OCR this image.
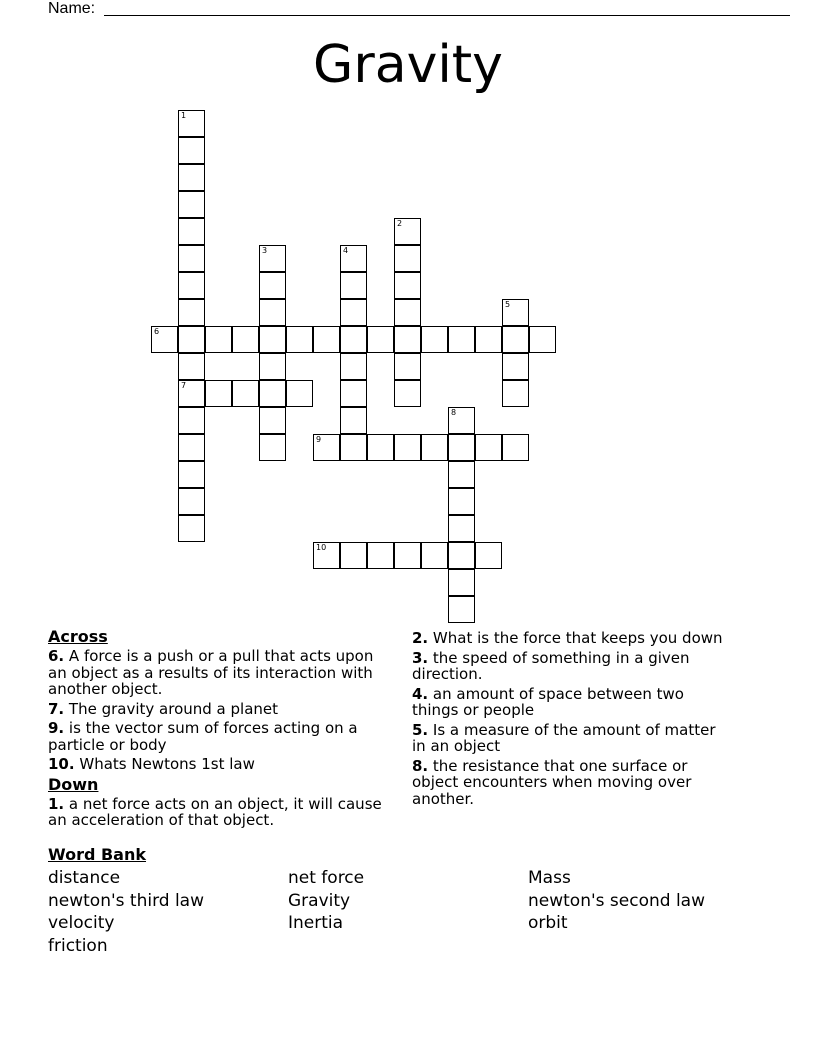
Name:
Gravity
1
7
2
3	4
5
6
8
9
10
Across
6. A force is a push or a pull that acts upon an object as a results of its interaction with another object.
7. The gravity around a planet
9. is the vector sum of forces acting on a particle or body
10. Whats Newtons 1st law
Down
1. a net force acts on an object, it will cause an acceleration of that object.
2. What is the force that keeps you down
3. the speed of something in a given direction.
4. an amount of space between two things or people
5. Is a measure of the amount of matter in an object
8. the resistance that one surface or object encounters when moving over another.
Word Bank
distance	net force	Mass
newton's third law	Gravity	newton's second law
velocity	Inertia	orbit
friction
